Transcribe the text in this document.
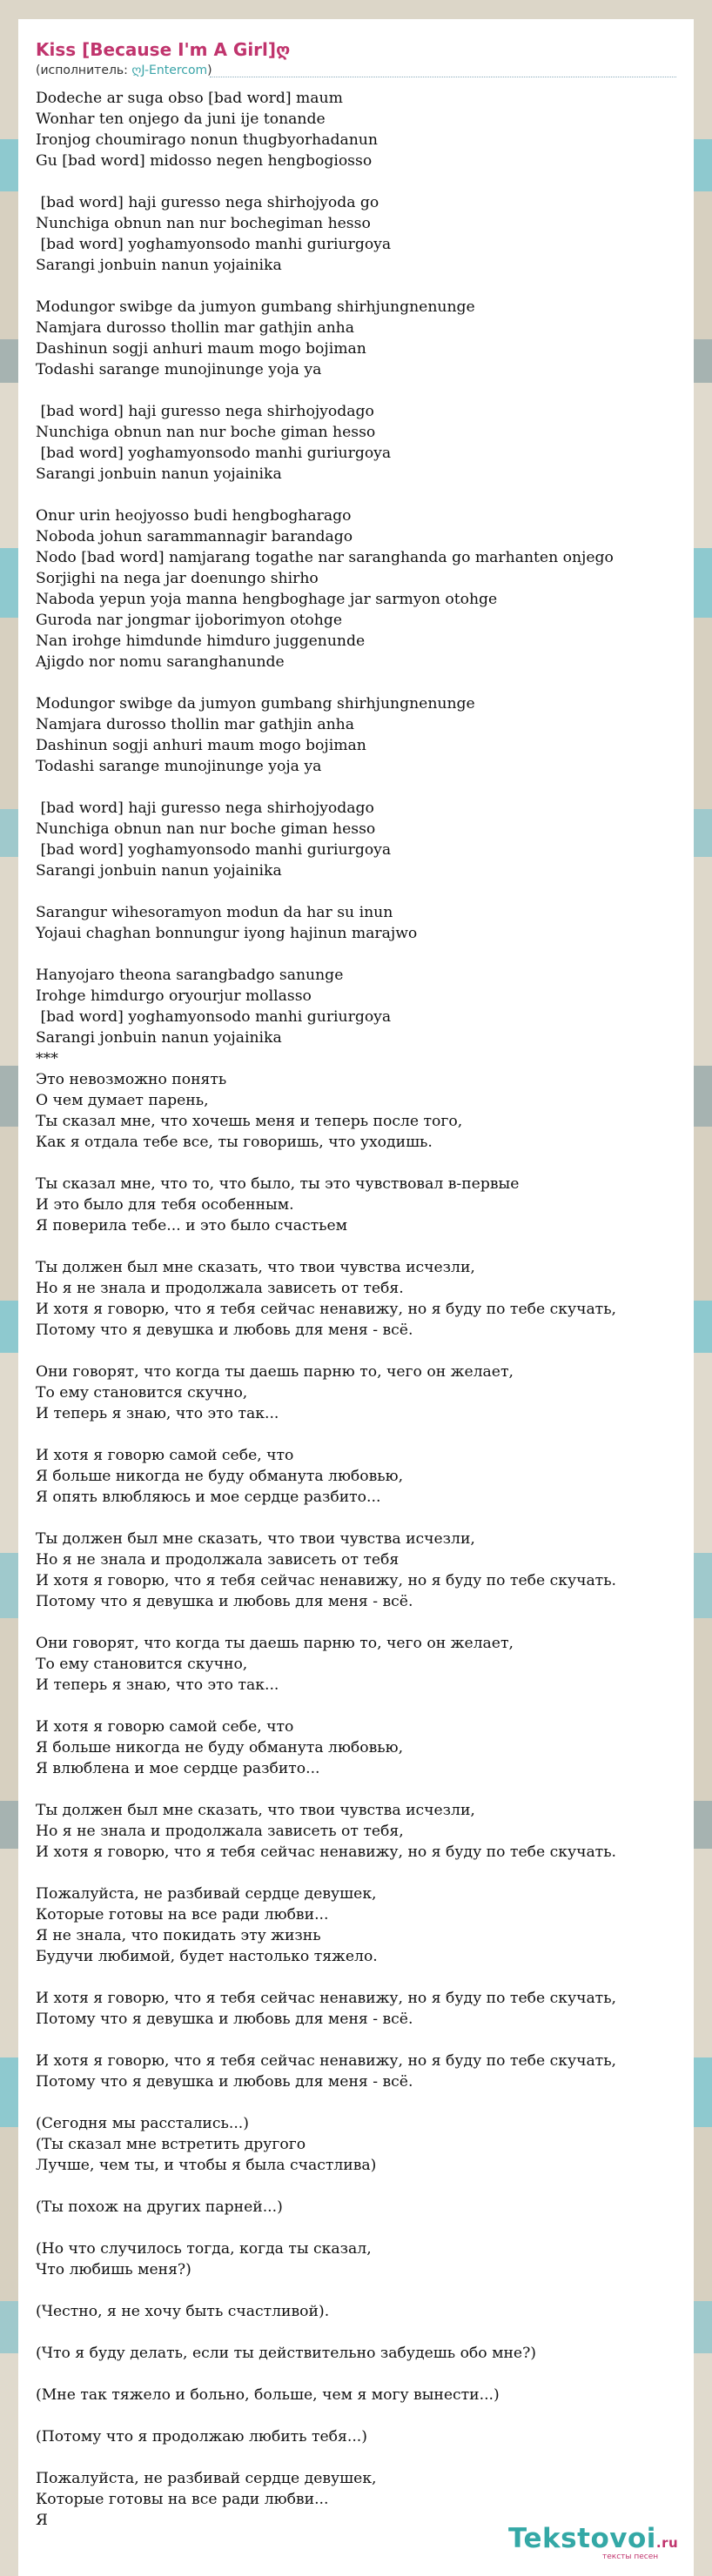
Kiss [Because I'm A Girl]ღ
(исполнитель: ღJ-Entercom)
Dodeche ar suga obso [bad word] maum
Wonhar ten onjego da juni ije tonande
Ironjog choumirago nonun thugbyorhadanun
Gu [bad word] midosso negen hengbogiosso

[bad word] haji guresso nega shirhojyoda go
Nunchiga obnun nan nur bochegiman hesso
[bad word] yoghamyonsodo manhi guriurgoya
Sarangi jonbuin nanun yojainika

Modungor swibge da jumyon gumbang shirhjungnenunge
Namjara durosso thollin mar gathjin anha
Dashinun sogji anhuri maum mogo bojiman
Todashi sarange munojinunge yoja ya

[bad word] haji guresso nega shirhojyodago
Nunchiga obnun nan nur boche giman hesso
[bad word] yoghamyonsodo manhi guriurgoya
Sarangi jonbuin nanun yojainika

Onur urin heojyosso budi hengbogharago
Noboda johun sarammannagir barandago
Nodo [bad word] namjarang togathe nar saranghanda go marhanten onjego
Sorjighi na nega jar doenungo shirho
Naboda yepun yoja manna hengboghage jar sarmyon otohge
Guroda nar jongmar ijoborimyon otohge
Nan irohge himdunde himduro juggenunde
Ajigdo nor nomu saranghanunde

Modungor swibge da jumyon gumbang shirhjungnenunge
Namjara durosso thollin mar gathjin anha
Dashinun sogji anhuri maum mogo bojiman
Todashi sarange munojinunge yoja ya

[bad word] haji guresso nega shirhojyodago
Nunchiga obnun nan nur boche giman hesso
[bad word] yoghamyonsodo manhi guriurgoya
Sarangi jonbuin nanun yojainika

Sarangur wihesoramyon modun da har su inun
Yojaui chaghan bonnungur iyong hajinun marajwo

Hanyojaro theona sarangbadgo sanunge
Irohge himdurgo oryourjur mollasso
[bad word] yoghamyonsodo manhi guriurgoya
Sarangi jonbuin nanun yojainika
***
Это невозможно понять
О чем думает парень,
Ты сказал мне, что хочешь меня и теперь после того,
Как я отдала тебе все, ты говоришь, что уходишь.

Ты сказал мне, что то, что было, ты это чувствовал в-первые
И это было для тебя особенным.
Я поверила тебе... и это было счастьем

Ты должен был мне сказать, что твои чувства исчезли,
Но я не знала и продолжала зависеть от тебя.
И хотя я говорю, что я тебя сейчас ненавижу, но я буду по тебе скучать,
Потому что я девушка и любовь для меня - всё.

Они говорят, что когда ты даешь парню то, чего он желает,
То ему становится скучно,
И теперь я знаю, что это так...

И хотя я говорю самой себе, что
Я больше никогда не буду обманута любовью,
Я опять влюбляюсь и мое сердце разбито...

Ты должен был мне сказать, что твои чувства исчезли,
Но я не знала и продолжала зависеть от тебя
И хотя я говорю, что я тебя сейчас ненавижу, но я буду по тебе скучать.
Потому что я девушка и любовь для меня - всё.

Они говорят, что когда ты даешь парню то, чего он желает,
То ему становится скучно,
И теперь я знаю, что это так...

И хотя я говорю самой себе, что
Я больше никогда не буду обманута любовью,
Я влюблена и мое сердце разбито...

Ты должен был мне сказать, что твои чувства исчезли,
Но я не знала и продолжала зависеть от тебя,
И хотя я говорю, что я тебя сейчас ненавижу, но я буду по тебе скучать.

Пожалуйста, не разбивай сердце девушек,
Которые готовы на все ради любви...
Я не знала, что покидать эту жизнь
Будучи любимой, будет настолько тяжело.

И хотя я говорю, что я тебя сейчас ненавижу, но я буду по тебе скучать,
Потому что я девушка и любовь для меня - всё.

И хотя я говорю, что я тебя сейчас ненавижу, но я буду по тебе скучать,
Потому что я девушка и любовь для меня - всё.

(Сегодня мы расстались...)
(Ты сказал мне встретить другого
Лучше, чем ты, и чтобы я была счастлива)

(Ты похож на других парней...)

(Но что случилось тогда, когда ты сказал,
Что любишь меня?)

(Честно, я не хочу быть счастливой).

(Что я буду делать, если ты действительно забудешь обо мне?)

(Мне так тяжело и больно, больше, чем я могу вынести...)

(Потому что я продолжаю любить тебя...)

Пожалуйста, не разбивай сердце девушек,
Которые готовы на все ради любви...
Я
Tekstovoi.ru
тексты песен
